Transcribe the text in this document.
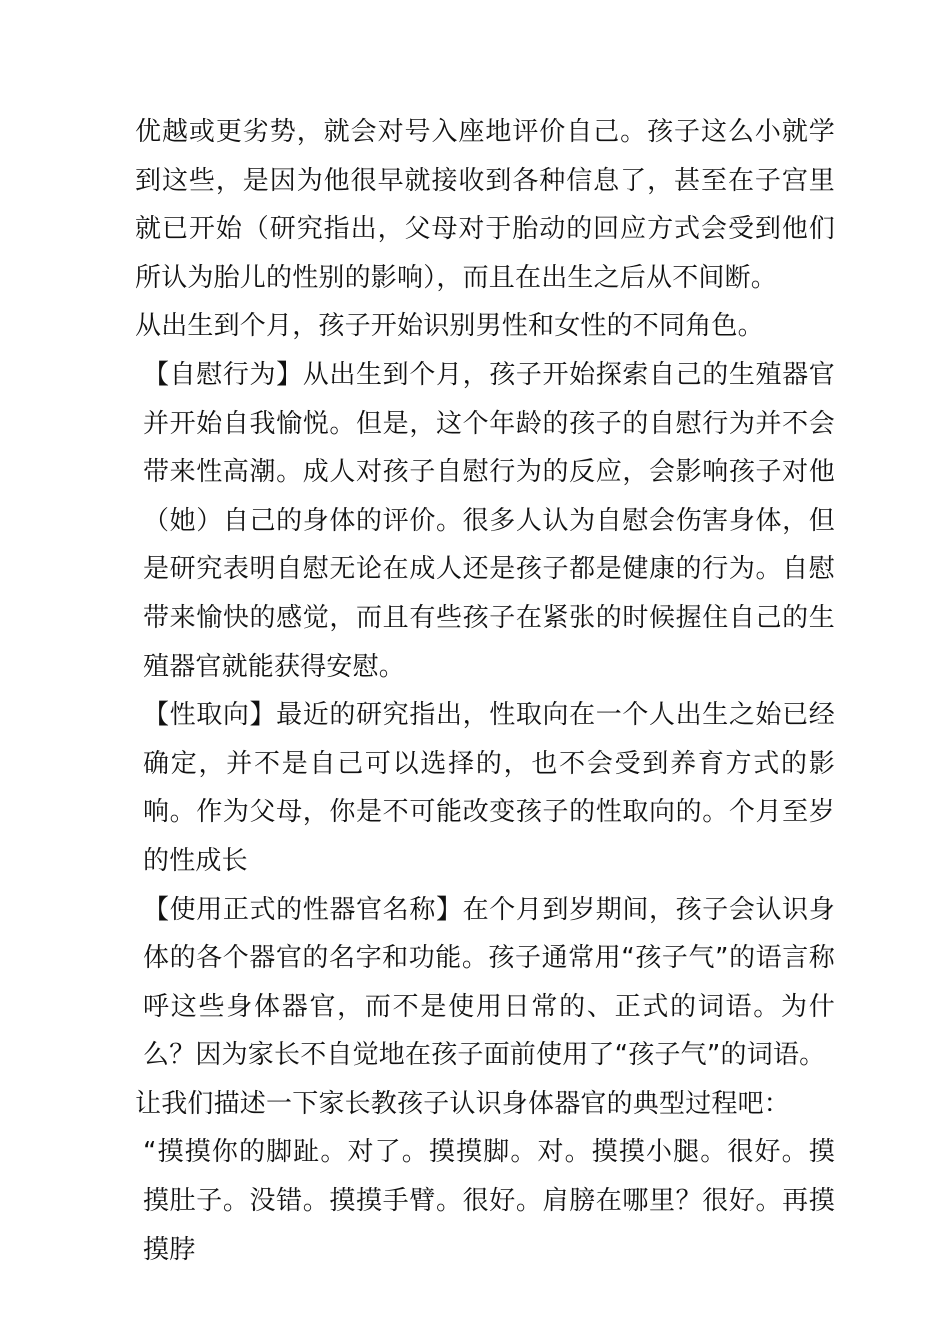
优越或更劣势，就会对号入座地评价自己。孩子这么小就学到这些，是因为他很早就接收到各种信息了，甚至在子宫里就已开始（研究指出，父母对于胎动的回应方式会受到他们所认为胎儿的性别的影响），而且在出生之后从不间断。

从出生到个月，孩子开始识别男性和女性的不同角色。

【自慰行为】从出生到个月，孩子开始探索自己的生殖器官并开始自我愉悦。但是，这个年龄的孩子的自慰行为并不会带来性高潮。成人对孩子自慰行为的反应，会影响孩子对他（她）自己的身体的评价。很多人认为自慰会伤害身体，但是研究表明自慰无论在成人还是孩子都是健康的行为。自慰带来愉快的感觉，而且有些孩子在紧张的时候握住自己的生殖器官就能获得安慰。

【性取向】最近的研究指出，性取向在一个人出生之始已经确定，并不是自己可以选择的，也不会受到养育方式的影响。作为父母，你是不可能改变孩子的性取向的。个月至岁的性成长

【使用正式的性器官名称】在个月到岁期间，孩子会认识身体的各个器官的名字和功能。孩子通常用“孩子气”的语言称呼这些身体器官，而不是使用日常的、正式的词语。为什么？因为家长不自觉地在孩子面前使用了“孩子气”的词语。

让我们描述一下家长教孩子认识身体器官的典型过程吧：

“摸摸你的脚趾。对了。摸摸脚。对。摸摸小腿。很好。摸摸肚子。没错。摸摸手臂。很好。肩膀在哪里？很好。再摸摸脖
